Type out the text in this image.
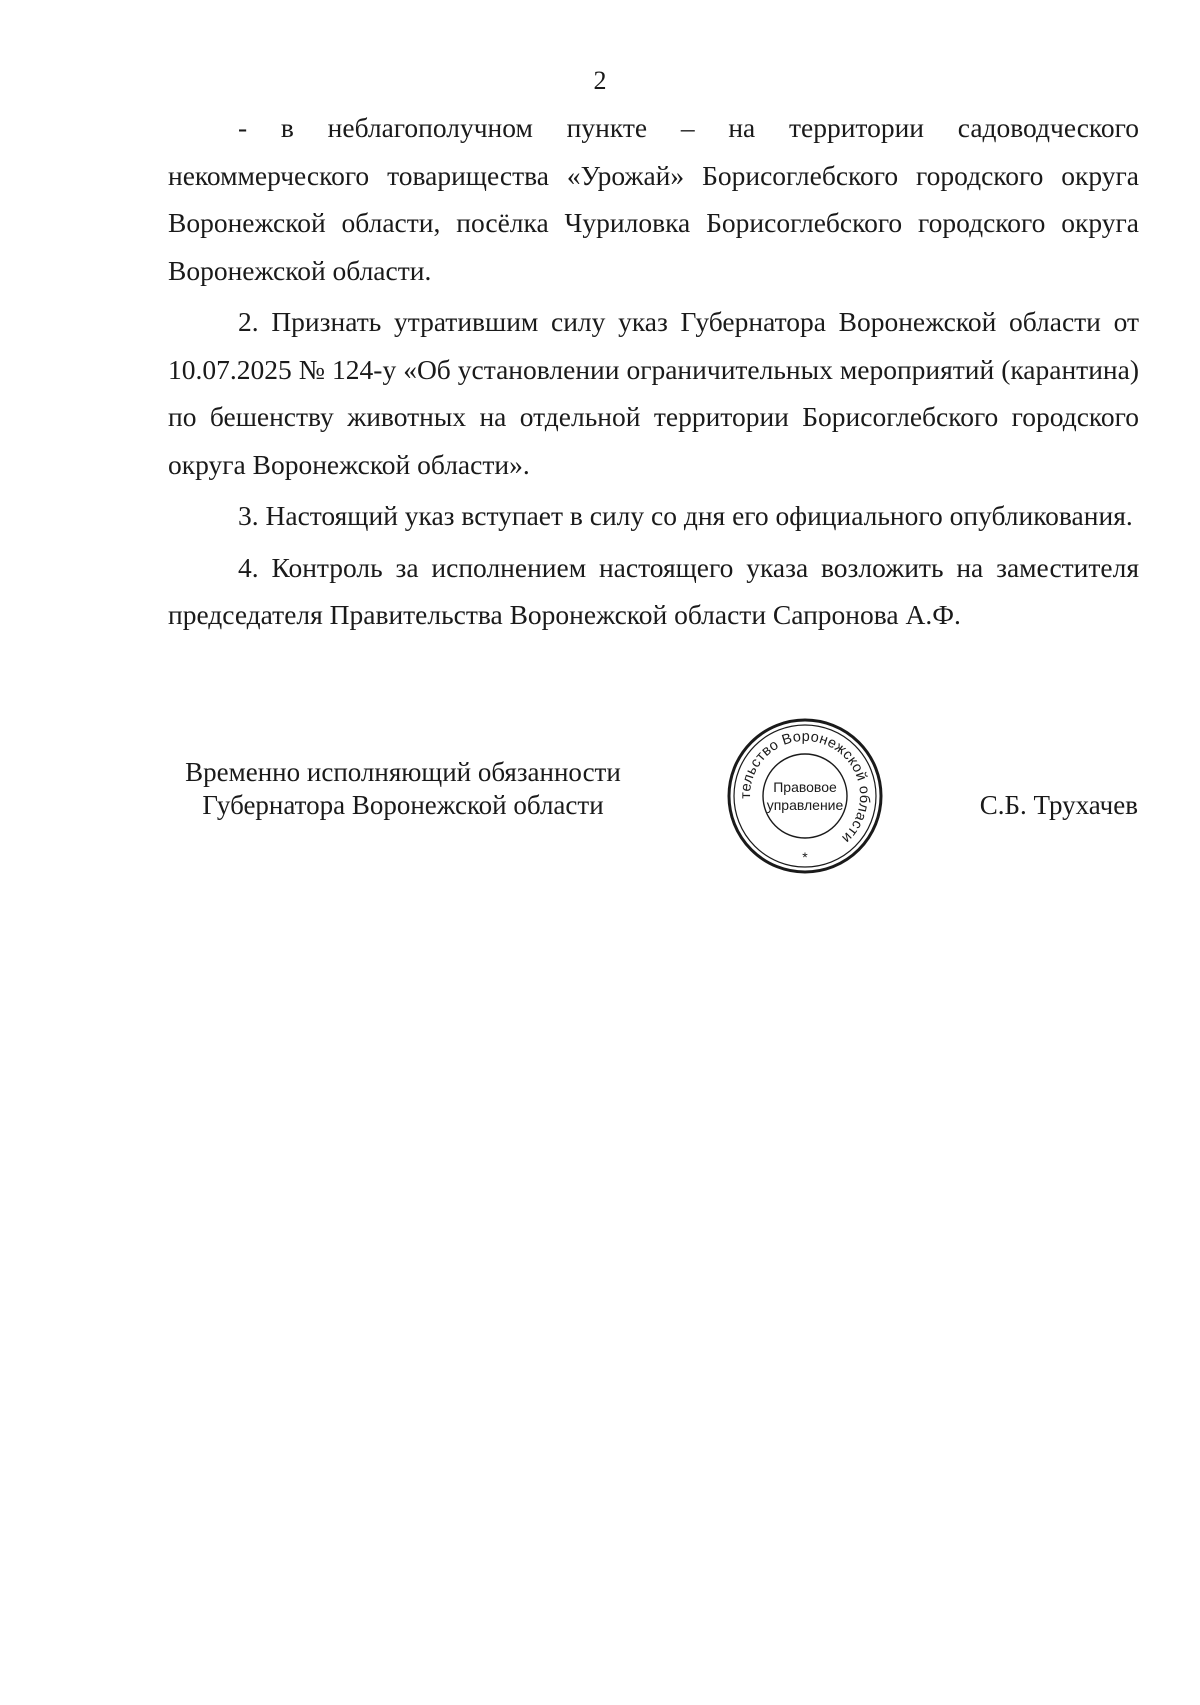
2

- в неблагополучном пункте – на территории садоводческого некоммерческого товарищества «Урожай» Борисоглебского городского округа Воронежской области, посёлка Чуриловка Борисоглебского городского округа Воронежской области.

2. Признать утратившим силу указ Губернатора Воронежской области от 10.07.2025 № 124-у «Об установлении ограничительных мероприятий (карантина) по бешенству животных на отдельной территории Борисоглебского городского округа Воронежской области».

3. Настоящий указ вступает в силу со дня его официального опубликования.

4. Контроль за исполнением настоящего указа возложить на заместителя председателя Правительства Воронежской области Сапронова А.Ф.

Временно исполняющий обязанности
Губернатора Воронежской области	тельство Воронежской области
Правовое
управление
*
С.Б. Трухачев
